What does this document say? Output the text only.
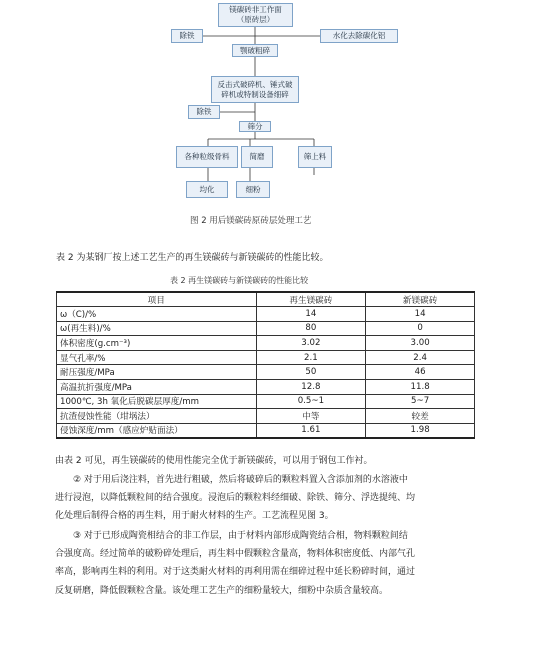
镁碳砖非工作面
（原砖层）
除铁	水化去除碳化铝
颚破粗碎
反击式破碎机、锤式破
碎机或特制设备细碎
除铁
筛分
各种粒级骨料	简磨	筛上料
均化	细粉
图 2 用后镁碳砖原砖层处理工艺
表 2 为某钢厂按上述工艺生产的再生镁碳砖与新镁碳砖的性能比较。
表 2 再生镁碳砖与新镁碳砖的性能比较
项目	再生镁碳砖	新镁碳砖
ω（C)/%	14	14
ω(再生料)/%	80	0
体积密度(g.cm⁻³)	3.02	3.00
显气孔率/%	2.1	2.4
耐压强度/MPa	50	46
高温抗折强度/MPa	12.8	11.8
1000℃, 3h 氧化后脱碳层厚度/mm	0.5~1	5~7
抗渣侵蚀性能（坩埚法）	中等	较差
侵蚀深度/mm（感应炉贴面法）	1.61	1.98
由表 2 可见，再生镁碳砖的使用性能完全优于新镁碳砖，可以用于钢包工作衬。
② 对于用后浇注料，首先进行粗破，然后将破碎后的颗粒料置入含添加剂的水溶液中
进行浸泡，以降低颗粒间的结合强度。浸泡后的颗粒料经细破、除铁、筛分、浮选提纯、均
化处理后制得合格的再生料，用于耐火材料的生产。工艺流程见图 3。
③ 对于已形成陶瓷相结合的非工作层，由于材料内部形成陶瓷结合相，物料颗粒间结
合强度高。经过简单的破粉碎处理后，再生料中假颗粒含量高，物料体积密度低、内部气孔
率高，影响再生料的利用。对于这类耐火材料的再利用需在细碎过程中延长粉碎时间，通过
反复研磨，降低假颗粒含量。该处理工艺生产的细粉量较大，细粉中杂质含量较高。
